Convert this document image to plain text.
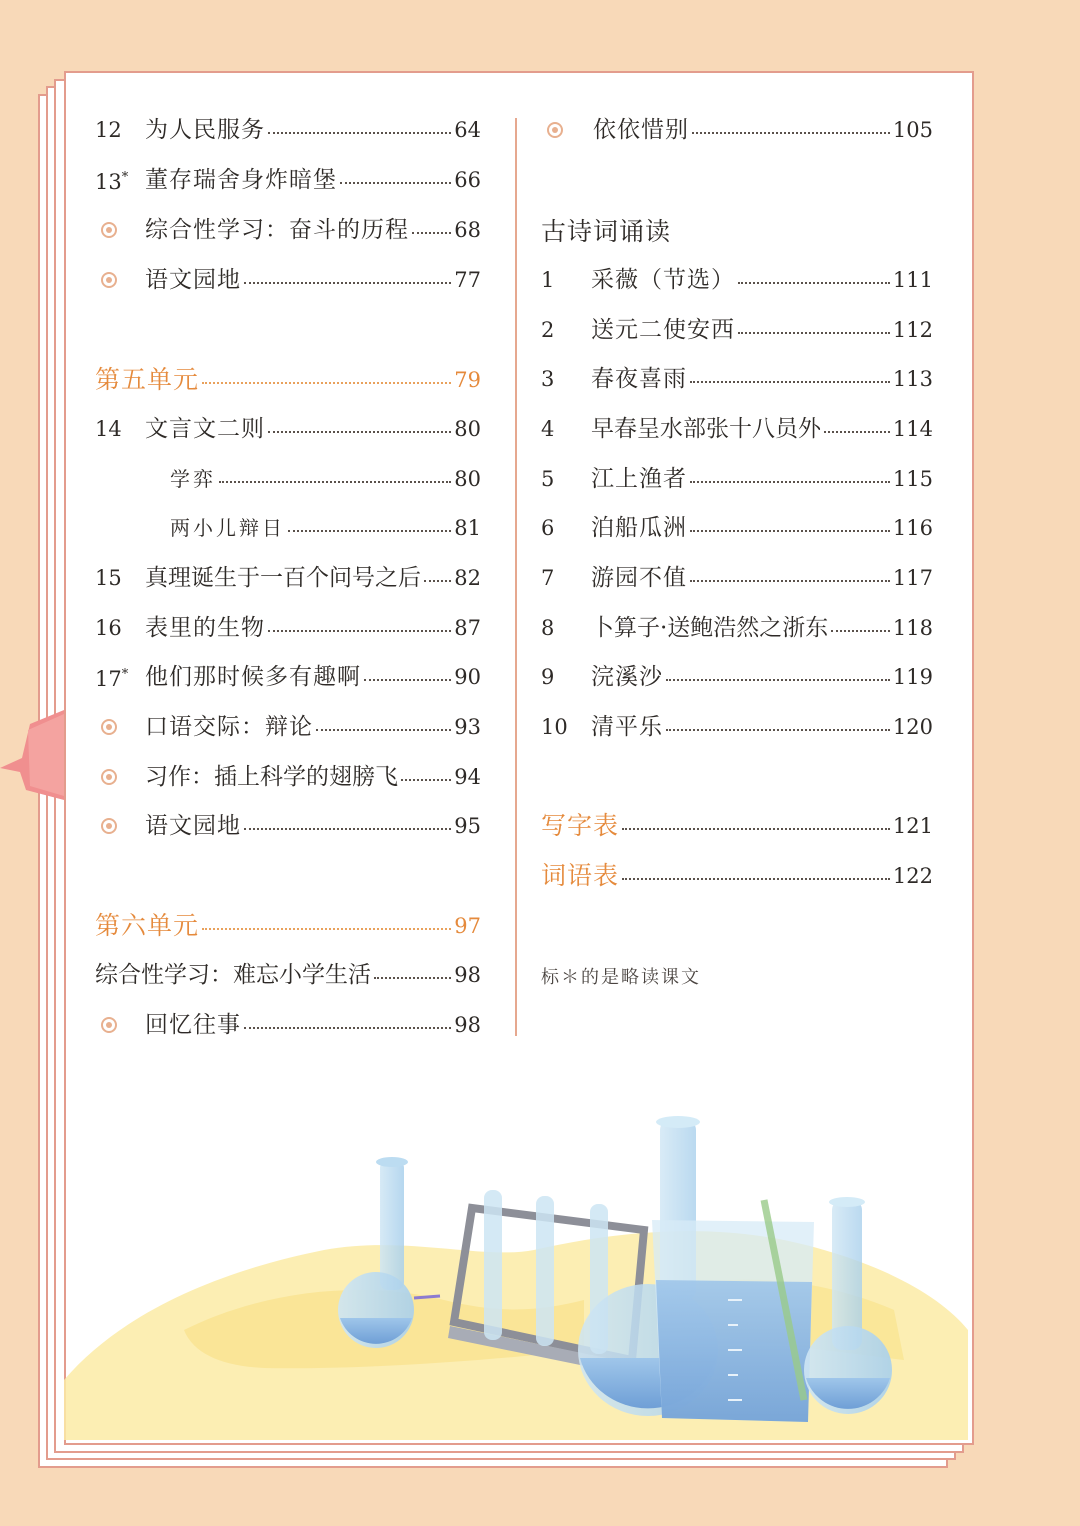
12	为人民服务	64
13* 董存瑞舍身炸暗堡	66
综合性学习：奋斗的历程 68
语文园地	77
第五单元	79
14	文言文二则	80
学弈	80
两小儿辩日	81
15	真理诞生于一百个问号之后 82
16	表里的生物	87
17* 他们那时候多有趣啊	90
口语交际：辩论	93
习作：插上科学的翅膀飞	94
语文园地	95
第六单元	97
综合性学习：难忘小学生活	98
回忆往事	98
依依惜别	105
古诗词诵读
1	采薇（节选）	111
2	送元二使安西	112
3	春夜喜雨	113
4	早春呈水部张十八员外	114
5	江上渔者	115
6	泊船瓜洲	116
7	游园不值	117
8	卜算子·送鲍浩然之浙东	118
9	浣溪沙	119
10	清平乐	120
写字表	121
词语表	122
标＊的是略读课文
